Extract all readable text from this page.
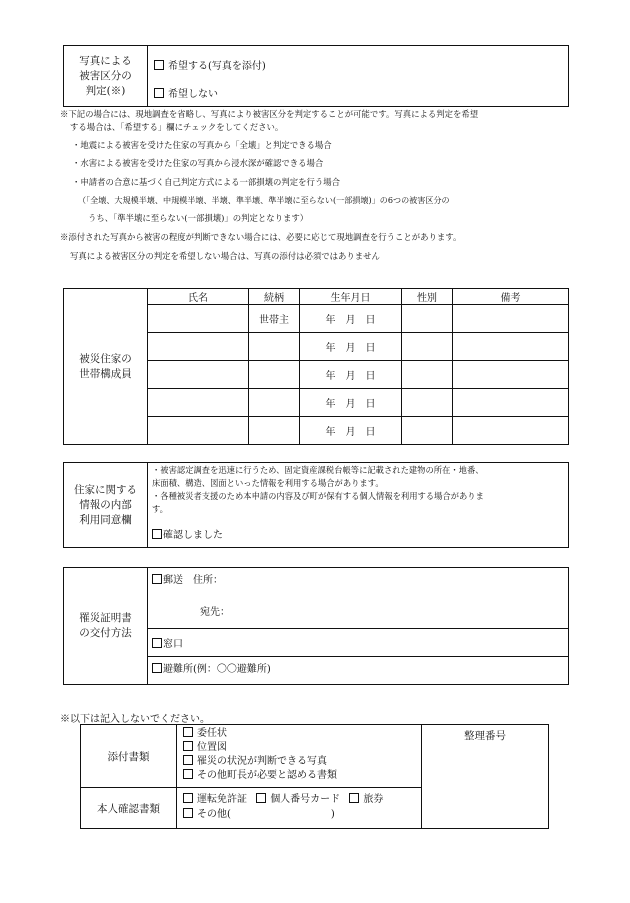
写真による
被害区分の
判定(※)

希望する(写真を添付)
希望しない
※下記の場合には、現地調査を省略し、写真により被害区分を判定することが可能です。写真による判定を希望
する場合は、「希望する」欄にチェックをしてください。
・地震による被害を受けた住家の写真から「全壊」と判定できる場合
・水害による被害を受けた住家の写真から浸水深が確認できる場合
・申請者の合意に基づく自己判定方式による一部損壊の判定を行う場合
（「全壊、大規模半壊、中規模半壊、半壊、準半壊、準半壊に至らない(一部損壊)」の6つの被害区分の
うち、「準半壊に至らない(一部損壊)」の判定となります）
※添付された写真から被害の程度が判断できない場合には、必要に応じて現地調査を行うことがあります。
写真による被害区分の判定を希望しない場合は、写真の添付は必須ではありません
被災住家の
世帯構成員	氏名	続柄	生年月日	性別	備考
		世帯主	年　月　日		
			年　月　日		
			年　月　日		
			年　月　日		
			年　月　日		
住家に関する
情報の内部
利用同意欄

・被害認定調査を迅速に行うため、固定資産課税台帳等に記載された建物の所在・地番、
床面積、構造、図面といった情報を利用する場合があります。
・各種被災者支援のため本申請の内容及び町が保有する個人情報を利用する場合がありま
す。
確認しました
罹災証明書
の交付方法

郵送 住所：
宛先：

窓口
避難所(例：〇〇避難所)
※以下は記入しないでください。
添付書類	委任状
位置図
罹災の状況が判断できる写真
その他町長が必要と認める書類	整理番号
本人確認書類	運転免許証 個人番号カード 旅券
その他( )	
